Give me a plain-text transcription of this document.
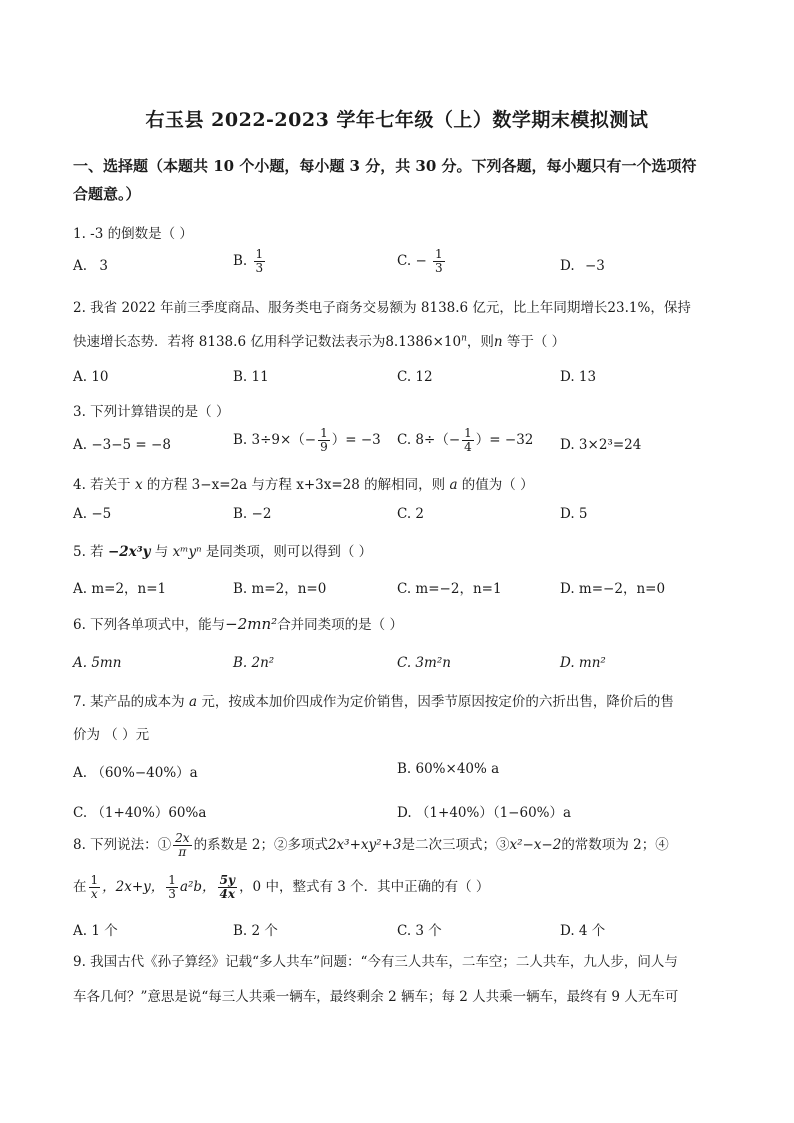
右玉县 2022-2023 学年七年级（上）数学期末模拟测试
一、选择题（本题共 10 个小题，每小题 3 分，共 30 分。下列各题，每小题只有一个选项符
合题意。）
1. -3 的倒数是（ ）
A. 3	B. $\frac{1}{3}$	C. − $\frac{1}{3}$	D. −3
2. 我省 2022 年前三季度商品、服务类电子商务交易额为 8138.6 亿元，比上年同期增长23.1%，保持
快速增长态势．若将 8138.6 亿用科学记数法表示为$8.1386\times 10^n$，则n 等于（ ）
A. 10	B. 11	C. 12	D. 13
3. 下列计算错误的是（ ）
A. −3−5 = −8	B. $3\div 9\times(- \frac{1}{9}$ ）= −3 C. $8\div(- \frac{1}{4}$ ）= −32 D. 3×2³=24
4. 若关于 x 的方程 3−x=2a 与方程 x+3x=28 的解相同，则 a 的值为（ ）
A. −5	B. −2	C. 2	D. 5
5. 若 −2x³y 与 xᵐyⁿ 是同类项，则可以得到（ ）
A. m=2，n=1	B. m=2，n=0	C. m=−2，n=1	D. m=−2，n=0
6. 下列各单项式中，能与−2mn²合并同类项的是（ ）
A. 5mn	B. 2n²	C. 3m²n	D. mn²
7. 某产品的成本为 a 元，按成本加价四成作为定价销售，因季节原因按定价的六折出售，降价后的售
价为 （ ）元
A. （60%−40%）a	B. 60%×40% a
C. （1+40%）60%a	D. （1+40%）（1−60%）a
8. 下列说法：① $\frac{2x}{\pi}$ 的系数是 2；②多项式2x³+xy²+3是二次三项式；③x²−x−2的常数项为 2；④
在 $\frac{1}{x}$ ，2x+y， $\frac{1}{3} a^2b$， $\frac{5y}{4x}$ ，0 中，整式有 3 个．其中正确的有（ ）
A. 1 个	B. 2 个	C. 3 个	D. 4 个
9. 我国古代《孙子算经》记载“多人共车”问题：“今有三人共车，二车空；二人共车，九人步，问人与
车各几何？”意思是说“每三人共乘一辆车，最终剩余 2 辆车；每 2 人共乘一辆车，最终有 9 人无车可
